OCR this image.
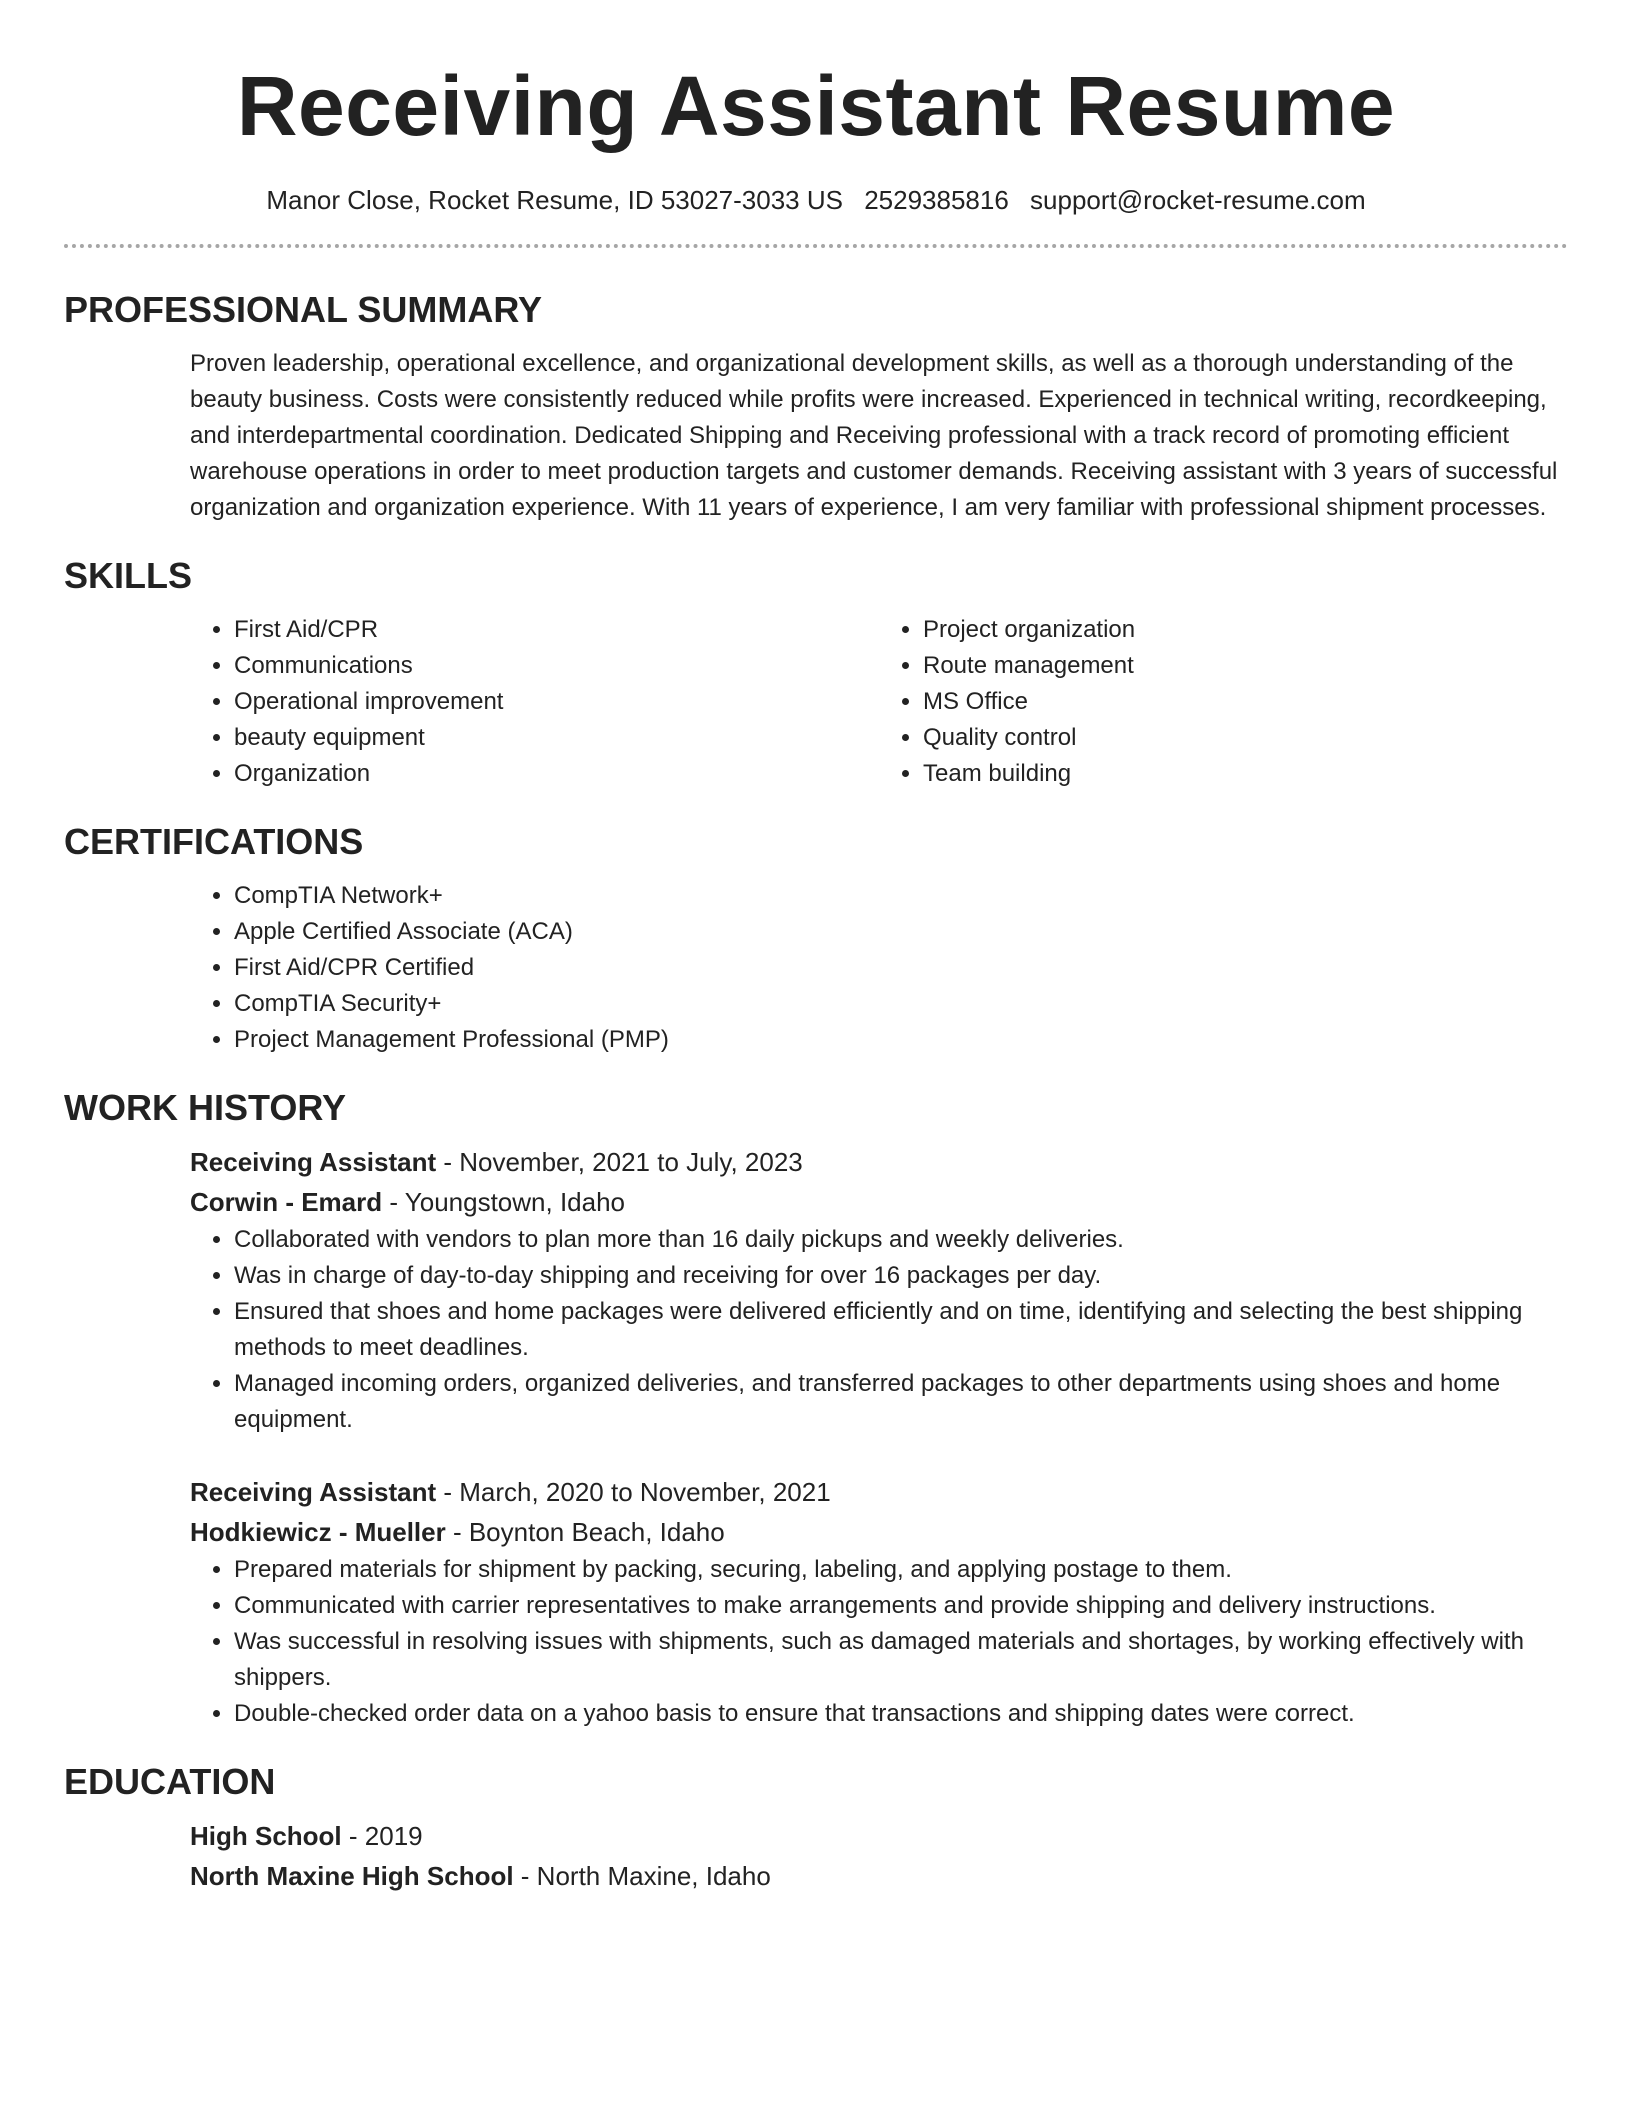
Receiving Assistant Resume
Manor Close, Rocket Resume, ID 53027-3033 US 2529385816 support@rocket-resume.com
PROFESSIONAL SUMMARY

Proven leadership, operational excellence, and organizational development skills, as well as a thorough understanding of the beauty business. Costs were consistently reduced while profits were increased. Experienced in technical writing, recordkeeping, and interdepartmental coordination. Dedicated Shipping and Receiving professional with a track record of promoting efficient warehouse operations in order to meet production targets and customer demands. Receiving assistant with 3 years of successful organization and organization experience. With 11 years of experience, I am very familiar with professional shipment processes.

SKILLS
• First Aid/CPR
• Communications
• Operational improvement
• beauty equipment
• Organization
• Project organization
• Route management
• MS Office
• Quality control
• Team building
CERTIFICATIONS
• CompTIA Network+
• Apple Certified Associate (ACA)
• First Aid/CPR Certified
• CompTIA Security+
• Project Management Professional (PMP)
WORK HISTORY
Receiving Assistant - November, 2021 to July, 2023
Corwin - Emard - Youngstown, Idaho
• Collaborated with vendors to plan more than 16 daily pickups and weekly deliveries.
• Was in charge of day-to-day shipping and receiving for over 16 packages per day.
• Ensured that shoes and home packages were delivered efficiently and on time, identifying and selecting the best shipping methods to meet deadlines.
• Managed incoming orders, organized deliveries, and transferred packages to other departments using shoes and home equipment.
Receiving Assistant - March, 2020 to November, 2021
Hodkiewicz - Mueller - Boynton Beach, Idaho
• Prepared materials for shipment by packing, securing, labeling, and applying postage to them.
• Communicated with carrier representatives to make arrangements and provide shipping and delivery instructions.
• Was successful in resolving issues with shipments, such as damaged materials and shortages, by working effectively with shippers.
• Double-checked order data on a yahoo basis to ensure that transactions and shipping dates were correct.
EDUCATION
High School - 2019
North Maxine High School - North Maxine, Idaho
